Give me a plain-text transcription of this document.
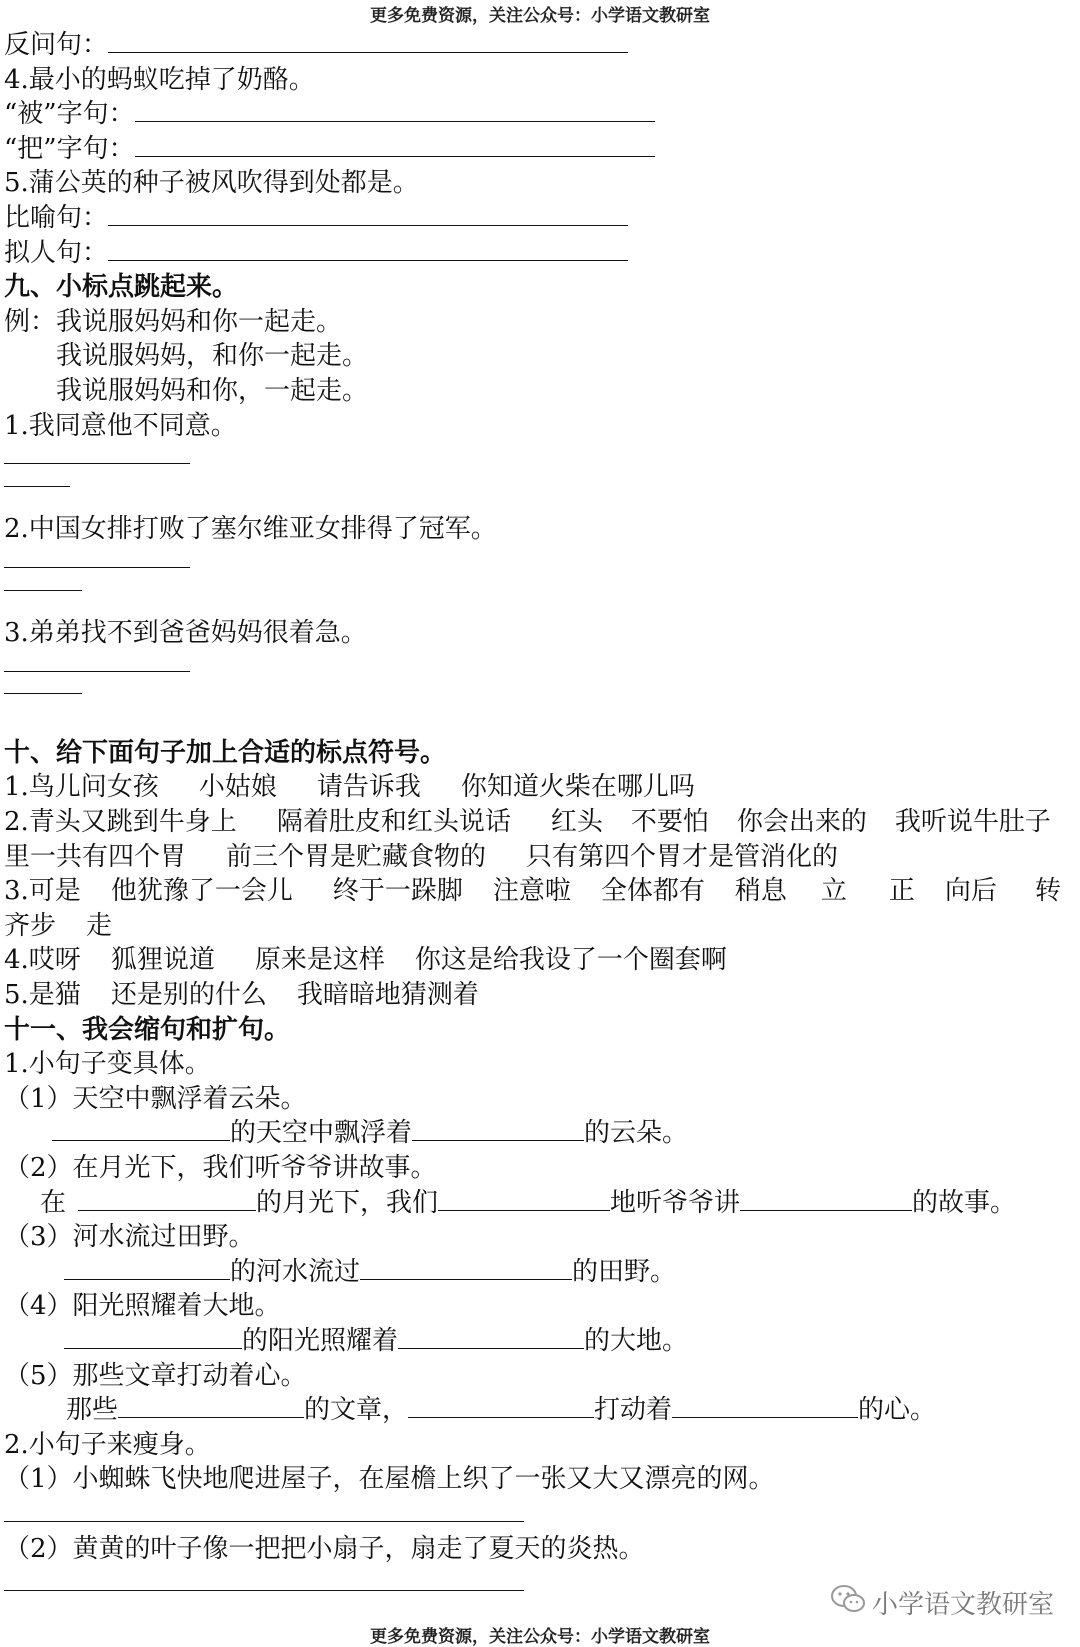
更多免费资源，关注公众号：小学语文教研室
反问句：
4.最小的蚂蚁吃掉了奶酪。
“被”字句：
“把”字句：
5.蒲公英的种子被风吹得到处都是。
比喻句：
拟人句：
九、小标点跳起来。
例：我说服妈妈和你一起走。
我说服妈妈，和你一起走。
我说服妈妈和你，一起走。
1.我同意他不同意。
2.中国女排打败了塞尔维亚女排得了冠军。
3.弟弟找不到爸爸妈妈很着急。
十、给下面句子加上合适的标点符号。
1.鸟儿问女孩 小姑娘 请告诉我 你知道火柴在哪儿吗
2.青头又跳到牛身上 隔着肚皮和红头说话 红头 不要怕 你会出来的 我听说牛肚子
里一共有四个胃 前三个胃是贮藏食物的 只有第四个胃才是管消化的
3.可是 他犹豫了一会儿 终于一跺脚 注意啦 全体都有 稍息 立 正 向后 转
齐步 走
4.哎呀 狐狸说道 原来是这样 你这是给我设了一个圈套啊
5.是猫 还是别的什么 我暗暗地猜测着
十一、我会缩句和扩句。
1.小句子变具体。
（1）天空中飘浮着云朵。
的天空中飘浮着	的云朵。
（2）在月光下，我们听爷爷讲故事。
在	的月光下，我们	地听爷爷讲	的故事。
（3）河水流过田野。
的河水流过	的田野。
（4）阳光照耀着大地。
的阳光照耀着	的大地。
（5）那些文章打动着心。
那些	的文章，	打动着	的心。
2.小句子来瘦身。
（1）小蜘蛛飞快地爬进屋子，在屋檐上织了一张又大又漂亮的网。
（2）黄黄的叶子像一把把小扇子，扇走了夏天的炎热。
小学语文教研室
更多免费资源，关注公众号：小学语文教研室
